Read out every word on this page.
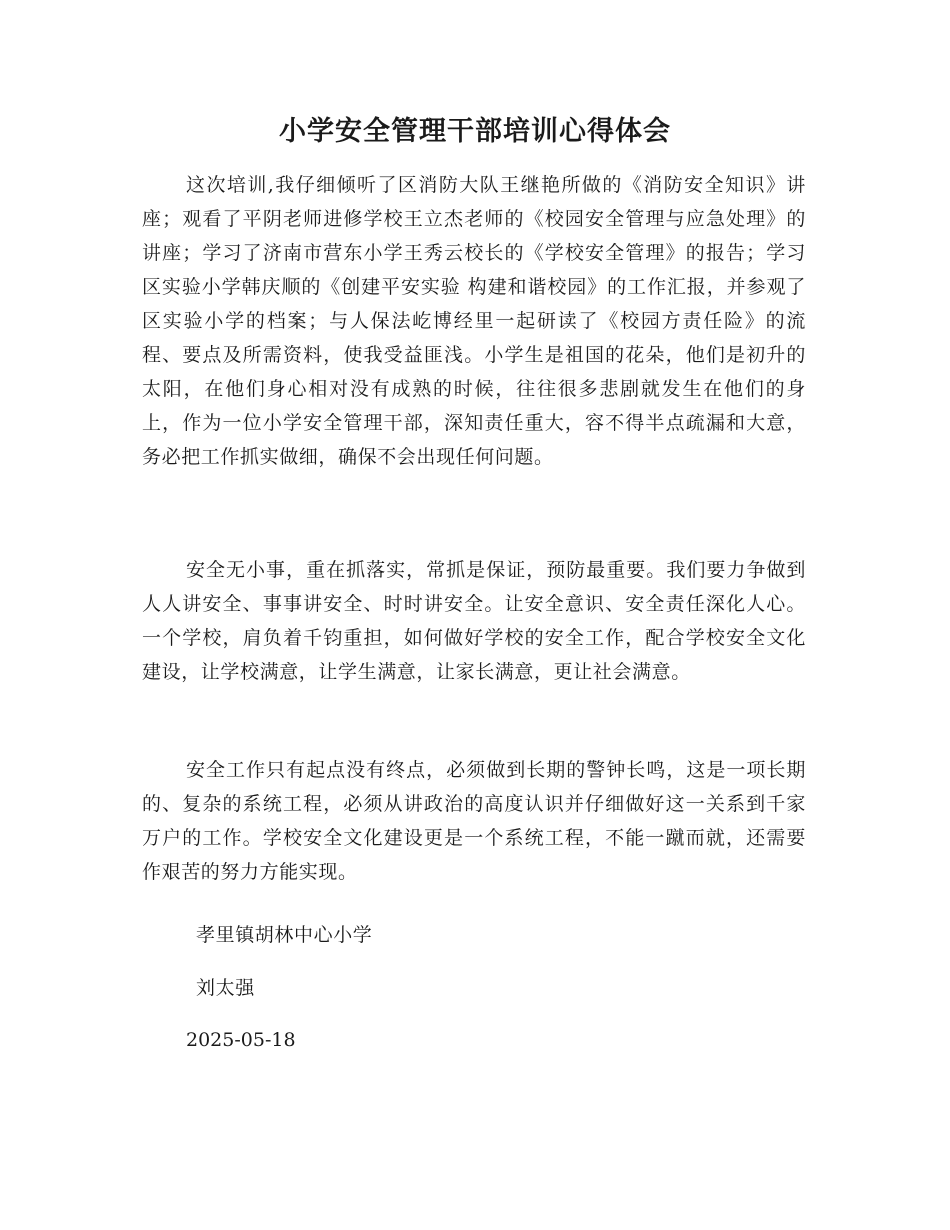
小学安全管理干部培训心得体会

这次培训,我仔细倾听了区消防大队王继艳所做的《消防安全知识》讲座；观看了平阴老师进修学校王立杰老师的《校园安全管理与应急处理》的讲座；学习了济南市营东小学王秀云校长的《学校安全管理》的报告；学习区实验小学韩庆顺的《创建平安实验 构建和谐校园》的工作汇报，并参观了区实验小学的档案；与人保法屹博经里一起研读了《校园方责任险》的流程、要点及所需资料，使我受益匪浅。小学生是祖国的花朵，他们是初升的太阳，在他们身心相对没有成熟的时候，往往很多悲剧就发生在他们的身上，作为一位小学安全管理干部，深知责任重大，容不得半点疏漏和大意，务必把工作抓实做细，确保不会出现任何问题。

安全无小事，重在抓落实，常抓是保证，预防最重要。我们要力争做到人人讲安全、事事讲安全、时时讲安全。让安全意识、安全责任深化人心。一个学校，肩负着千钧重担，如何做好学校的安全工作，配合学校安全文化建设，让学校满意，让学生满意，让家长满意，更让社会满意。

安全工作只有起点没有终点，必须做到长期的警钟长鸣，这是一项长期的、复杂的系统工程，必须从讲政治的高度认识并仔细做好这一关系到千家万户的工作。学校安全文化建设更是一个系统工程，不能一蹴而就，还需要作艰苦的努力方能实现。

孝里镇胡林中心小学

刘太强

2025-05-18
